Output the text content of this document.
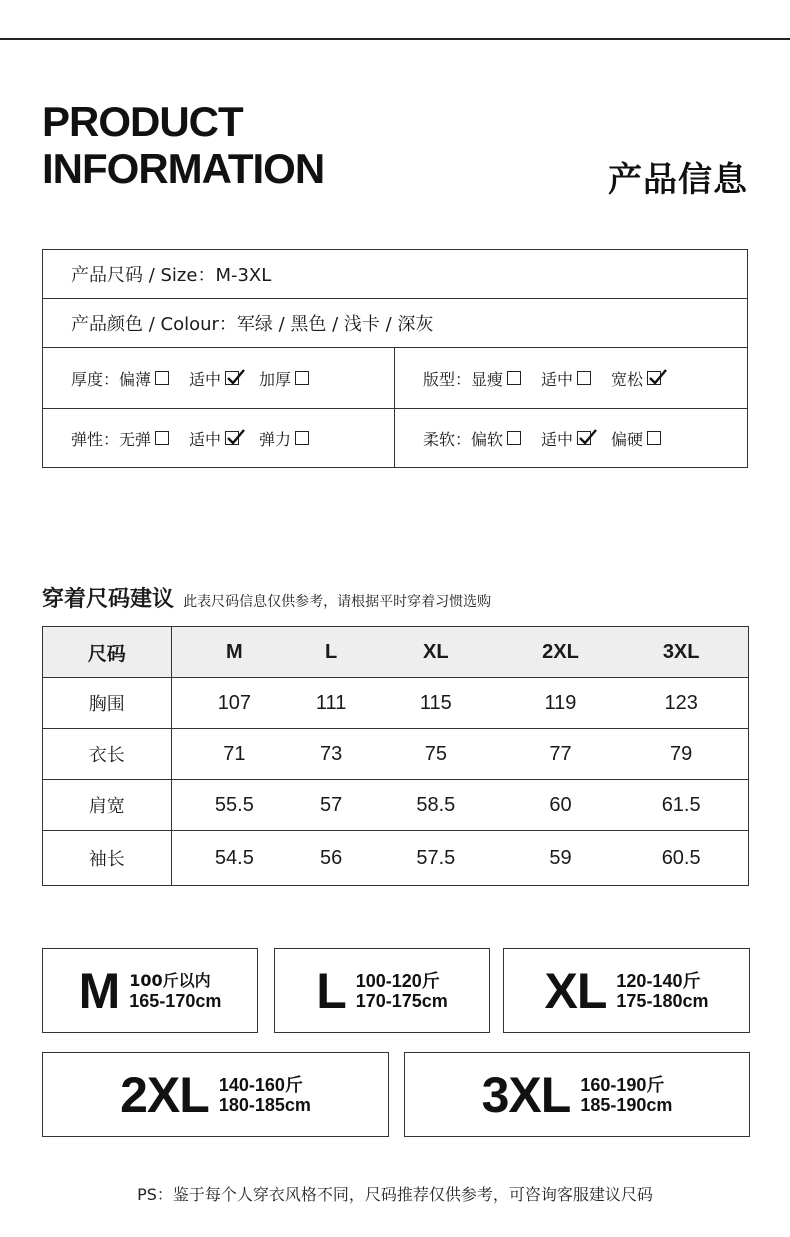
PRODUCT
INFORMATION	产品信息
产品尺码 / Size：M-3XL
产品颜色 / Colour：军绿 / 黑色 / 浅卡 / 深灰
厚度： 偏薄 适中 加厚	版型： 显瘦 适中 宽松
弹性： 无弹 适中 弹力	柔软： 偏软 适中 偏硬
穿着尺码建议 此表尺码信息仅供参考，请根据平时穿着习惯选购
尺码	M	L	XL	2XL	3XL
胸围	107	111	115	119	123
衣长	71	73	75	77	79
肩宽	55.5	57	58.5	60	61.5
袖长	54.5	56	57.5	59	60.5
M 100斤以内
165-170cm L 100-120斤
170-175cm XL 120-140斤
175-180cm
2XL 140-160斤
180-185cm	3XL 160-190斤
185-190cm
PS：鉴于每个人穿衣风格不同，尺码推荐仅供参考，可咨询客服建议尺码
